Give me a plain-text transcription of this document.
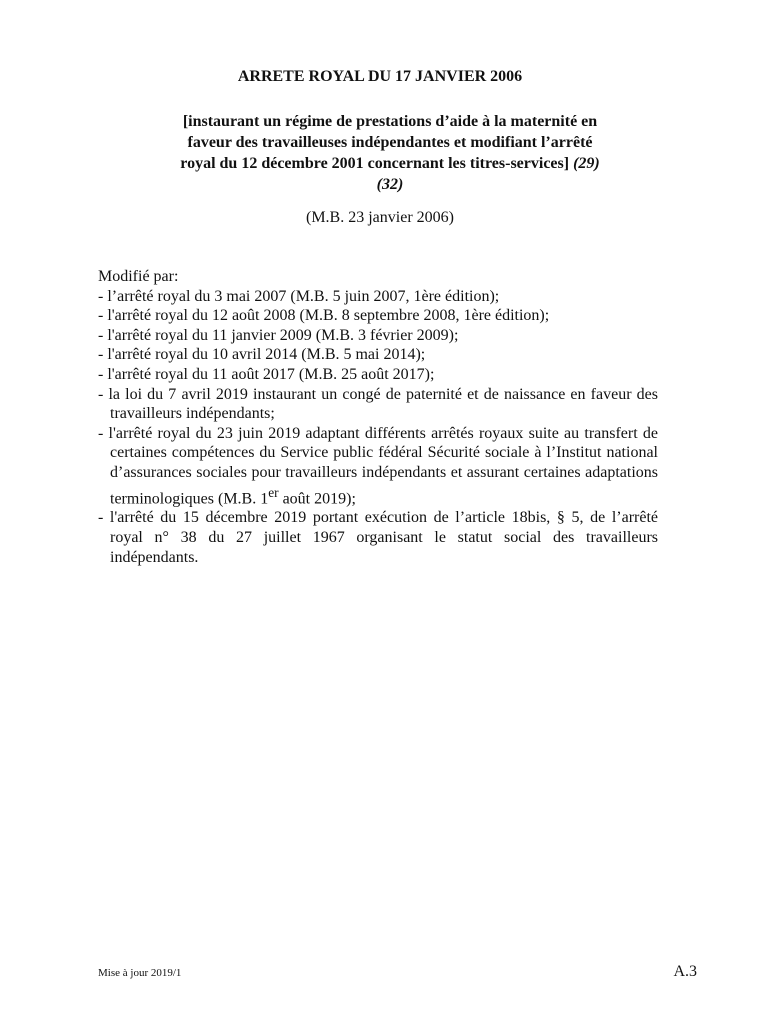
ARRETE ROYAL DU 17 JANVIER 2006
[instaurant un régime de prestations d’aide à la maternité en faveur des travailleuses indépendantes et modifiant l’arrêté royal du 12 décembre 2001 concernant les titres-services] (29) (32)
(M.B. 23 janvier 2006)

Modifié par:

- l’arrêté royal du 3 mai 2007 (M.B. 5 juin 2007, 1ère édition);
- l'arrêté royal du 12 août 2008 (M.B. 8 septembre 2008, 1ère édition);
- l'arrêté royal du 11 janvier 2009 (M.B. 3 février 2009);
- l'arrêté royal du 10 avril 2014 (M.B. 5 mai 2014);
- l'arrêté royal du 11 août 2017 (M.B. 25 août 2017);
- la loi du 7 avril 2019 instaurant un congé de paternité et de naissance en faveur des travailleurs indépendants;
- l'arrêté royal du 23 juin 2019 adaptant différents arrêtés royaux suite au transfert de certaines compétences du Service public fédéral Sécurité sociale à l’Institut national d’assurances sociales pour travailleurs indépendants et assurant certaines adaptations terminologiques (M.B. 1er août 2019);
- l'arrêté du 15 décembre 2019 portant exécution de l’article 18bis, § 5, de l’arrêté royal n° 38 du 27 juillet 1967 organisant le statut social des travailleurs indépendants.
Mise à jour 2019/1	A.3
